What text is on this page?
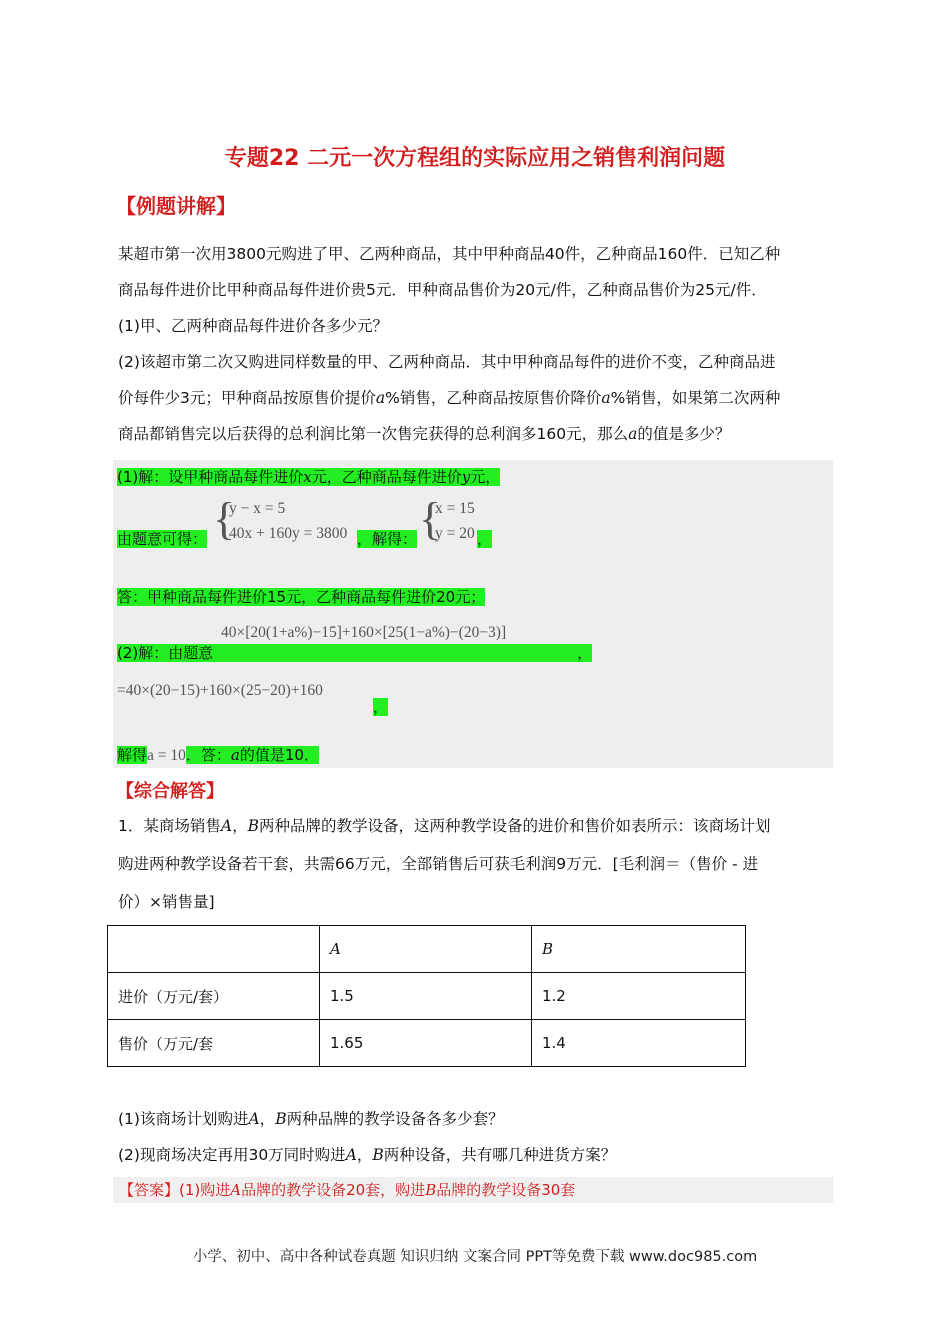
专题22 二元一次方程组的实际应用之销售利润问题
【例题讲解】
某超市第一次用3800元购进了甲、乙两种商品，其中甲种商品40件，乙种商品160件．已知乙种
商品每件进价比甲种商品每件进价贵5元．甲种商品售价为20元/件，乙种商品售价为25元/件．
(1)甲、乙两种商品每件进价各多少元？
(2)该超市第二次又购进同样数量的甲、乙两种商品．其中甲种商品每件的进价不变，乙种商品进
价每件少3元；甲种商品按原售价提价a%销售，乙种商品按原售价降价a%销售，如果第二次两种
商品都销售完以后获得的总利润比第一次售完获得的总利润多160元，那么a的值是多少？
(1)解：设甲种商品每件进价x元，乙种商品每件进价y元，
由题意可得： {
y − x = 5
40x + 160y = 3800 ，解得： {
x = 15
y = 20 ，
答：甲种商品每件进价15元，乙种商品每件进价20元；
40×[20(1+a%)−15]+160×[25(1−a%)−(20−3)]
(2)解：由题意	，
=40×(20−15)+160×(25−20)+160
，
解得a = 10．答：a的值是10．
【综合解答】
1．某商场销售A，B两种品牌的教学设备，这两种教学设备的进价和售价如表所示：该商场计划
购进两种教学设备若干套，共需66万元，全部销售后可获毛利润9万元．[毛利润＝（售价 - 进
价）×销售量]
	A	B
进价（万元/套）	1.5	1.2
售价（万元/套	1.65	1.4
(1)该商场计划购进A，B两种品牌的教学设备各多少套？
(2)现商场决定再用30万同时购进A，B两种设备，共有哪几种进货方案？
【答案】(1)购进A品牌的教学设备20套，购进B品牌的教学设备30套
小学、初中、高中各种试卷真题 知识归纳 文案合同 PPT等免费下载 www.doc985.com
